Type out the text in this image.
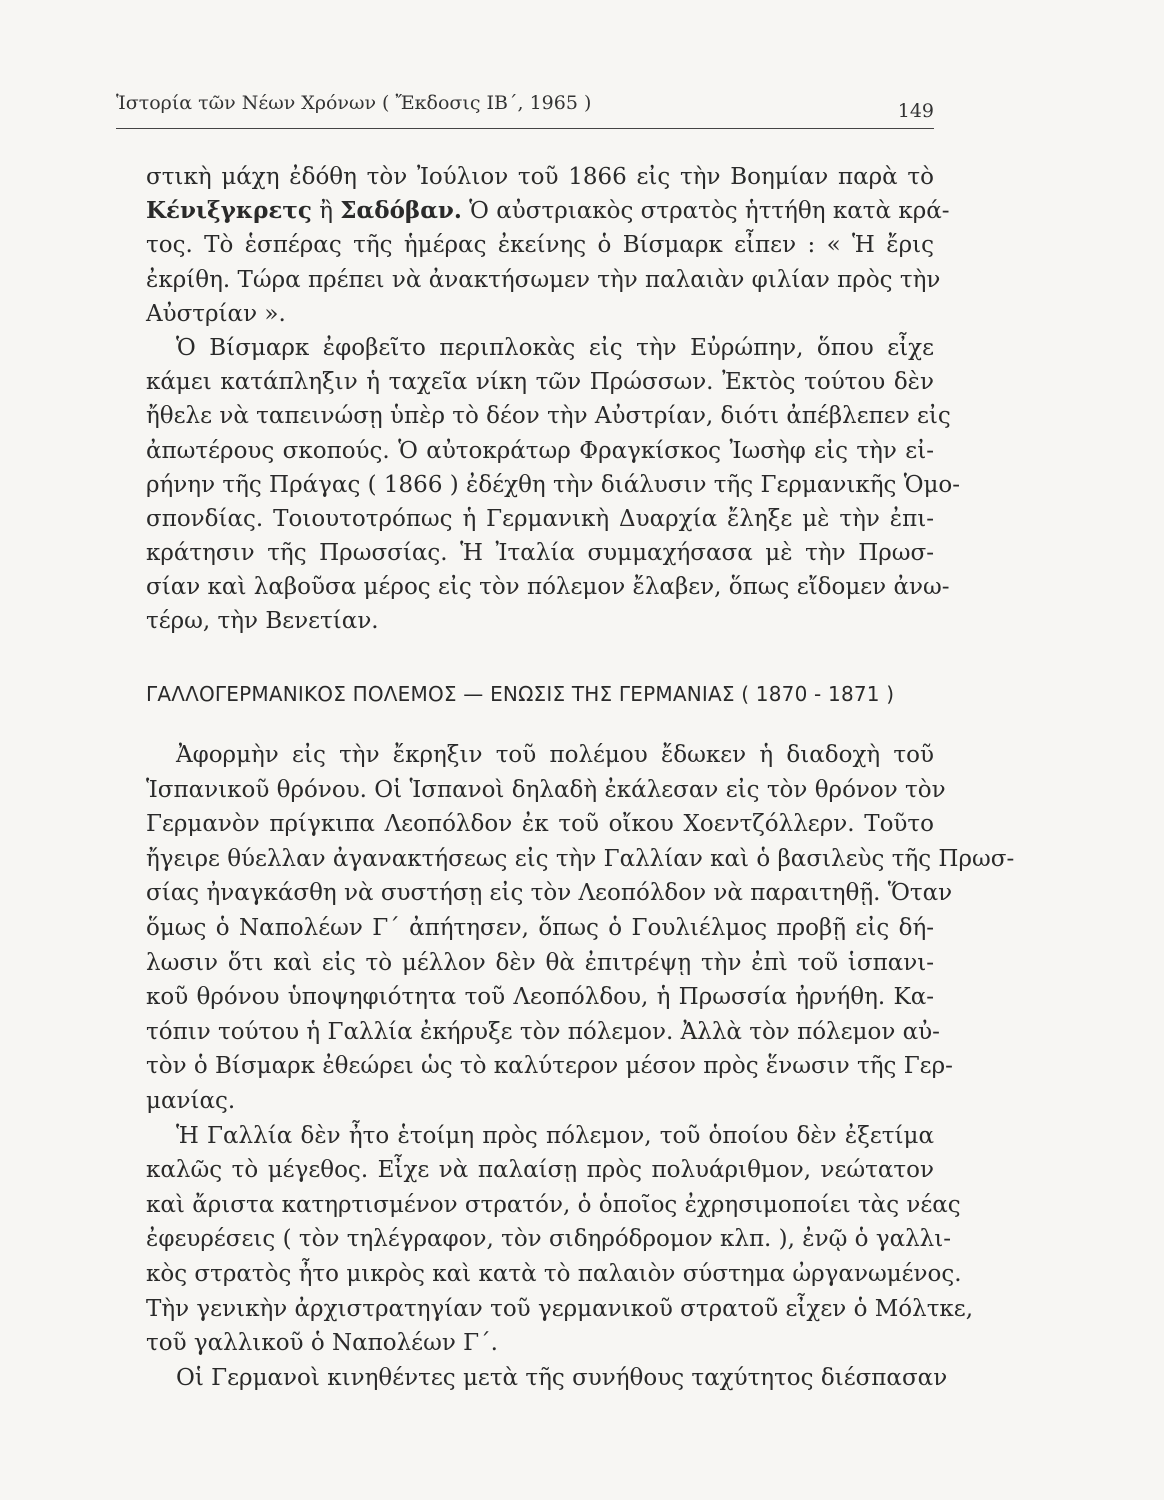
Ἱστορία τῶν Νέων Χρόνων ( Ἔκδοσις ΙΒ΄, 1965 )	149
στικὴ μάχη ἐδόθη τὸν Ἰούλιον τοῦ 1866 εἰς τὴν Βοημίαν παρὰ τὸ
Κένιξγκρετς ἢ Σαδόβαν. Ὁ αὐστριακὸς στρατὸς ἡττήθη κατὰ κρά-
τος. Τὸ ἑσπέρας τῆς ἡμέρας ἐκείνης ὁ Βίσμαρκ εἶπεν : « Ἡ ἔρις
ἐκρίθη. Τώρα πρέπει νὰ ἀνακτήσωμεν τὴν παλαιὰν φιλίαν πρὸς τὴν
Αὐστρίαν ».
Ὁ Βίσμαρκ ἐφοβεῖτο περιπλοκὰς εἰς τὴν Εὐρώπην, ὅπου εἶχε
κάμει κατάπληξιν ἡ ταχεῖα νίκη τῶν Πρώσσων. Ἐκτὸς τούτου δὲν
ἤθελε νὰ ταπεινώσῃ ὑπὲρ τὸ δέον τὴν Αὐστρίαν, διότι ἀπέβλεπεν εἰς
ἀπωτέρους σκοπούς. Ὁ αὐτοκράτωρ Φραγκίσκος Ἰωσὴφ εἰς τὴν εἰ-
ρήνην τῆς Πράγας ( 1866 ) ἐδέχθη τὴν διάλυσιν τῆς Γερμανικῆς Ὁμο-
σπονδίας. Τοιουτοτρόπως ἡ Γερμανικὴ Δυαρχία ἔληξε μὲ τὴν ἐπι-
κράτησιν τῆς Πρωσσίας. Ἡ Ἰταλία συμμαχήσασα μὲ τὴν Πρωσ-
σίαν καὶ λαβοῦσα μέρος εἰς τὸν πόλεμον ἔλαβεν, ὅπως εἴδομεν ἀνω-
τέρω, τὴν Βενετίαν.
ΓΑΛΛΟΓΕΡΜΑΝΙΚΟΣ ΠΟΛΕΜΟΣ — ΕΝΩΣΙΣ ΤΗΣ ΓΕΡΜΑΝΙΑΣ ( 1870 - 1871 )
Ἀφορμὴν εἰς τὴν ἔκρηξιν τοῦ πολέμου ἔδωκεν ἡ διαδοχὴ τοῦ
Ἱσπανικοῦ θρόνου. Οἱ Ἱσπανοὶ δηλαδὴ ἐκάλεσαν εἰς τὸν θρόνον τὸν
Γερμανὸν πρίγκιπα Λεοπόλδον ἐκ τοῦ οἴκου Χοεντζόλλερν. Τοῦτο
ἤγειρε θύελλαν ἀγανακτήσεως εἰς τὴν Γαλλίαν καὶ ὁ βασιλεὺς τῆς Πρωσ-
σίας ἠναγκάσθη νὰ συστήσῃ εἰς τὸν Λεοπόλδον νὰ παραιτηθῇ. Ὅταν
ὅμως ὁ Ναπολέων Γ΄ ἀπήτησεν, ὅπως ὁ Γουλιέλμος προβῇ εἰς δή-
λωσιν ὅτι καὶ εἰς τὸ μέλλον δὲν θὰ ἐπιτρέψῃ τὴν ἐπὶ τοῦ ἱσπανι-
κοῦ θρόνου ὑποψηφιότητα τοῦ Λεοπόλδου, ἡ Πρωσσία ἠρνήθη. Κα-
τόπιν τούτου ἡ Γαλλία ἐκήρυξε τὸν πόλεμον. Ἀλλὰ τὸν πόλεμον αὐ-
τὸν ὁ Βίσμαρκ ἐθεώρει ὡς τὸ καλύτερον μέσον πρὸς ἕνωσιν τῆς Γερ-
μανίας.
Ἡ Γαλλία δὲν ἦτο ἑτοίμη πρὸς πόλεμον, τοῦ ὁποίου δὲν ἐξετίμα
καλῶς τὸ μέγεθος. Εἶχε νὰ παλαίσῃ πρὸς πολυάριθμον, νεώτατον
καὶ ἄριστα κατηρτισμένον στρατόν, ὁ ὁποῖος ἐχρησιμοποίει τὰς νέας
ἐφευρέσεις ( τὸν τηλέγραφον, τὸν σιδηρόδρομον κλπ. ), ἐνῷ ὁ γαλλι-
κὸς στρατὸς ἦτο μικρὸς καὶ κατὰ τὸ παλαιὸν σύστημα ὠργανωμένος.
Τὴν γενικὴν ἀρχιστρατηγίαν τοῦ γερμανικοῦ στρατοῦ εἶχεν ὁ Μόλτκε,
τοῦ γαλλικοῦ ὁ Ναπολέων Γ΄.
Οἱ Γερμανοὶ κινηθέντες μετὰ τῆς συνήθους ταχύτητος διέσπασαν
